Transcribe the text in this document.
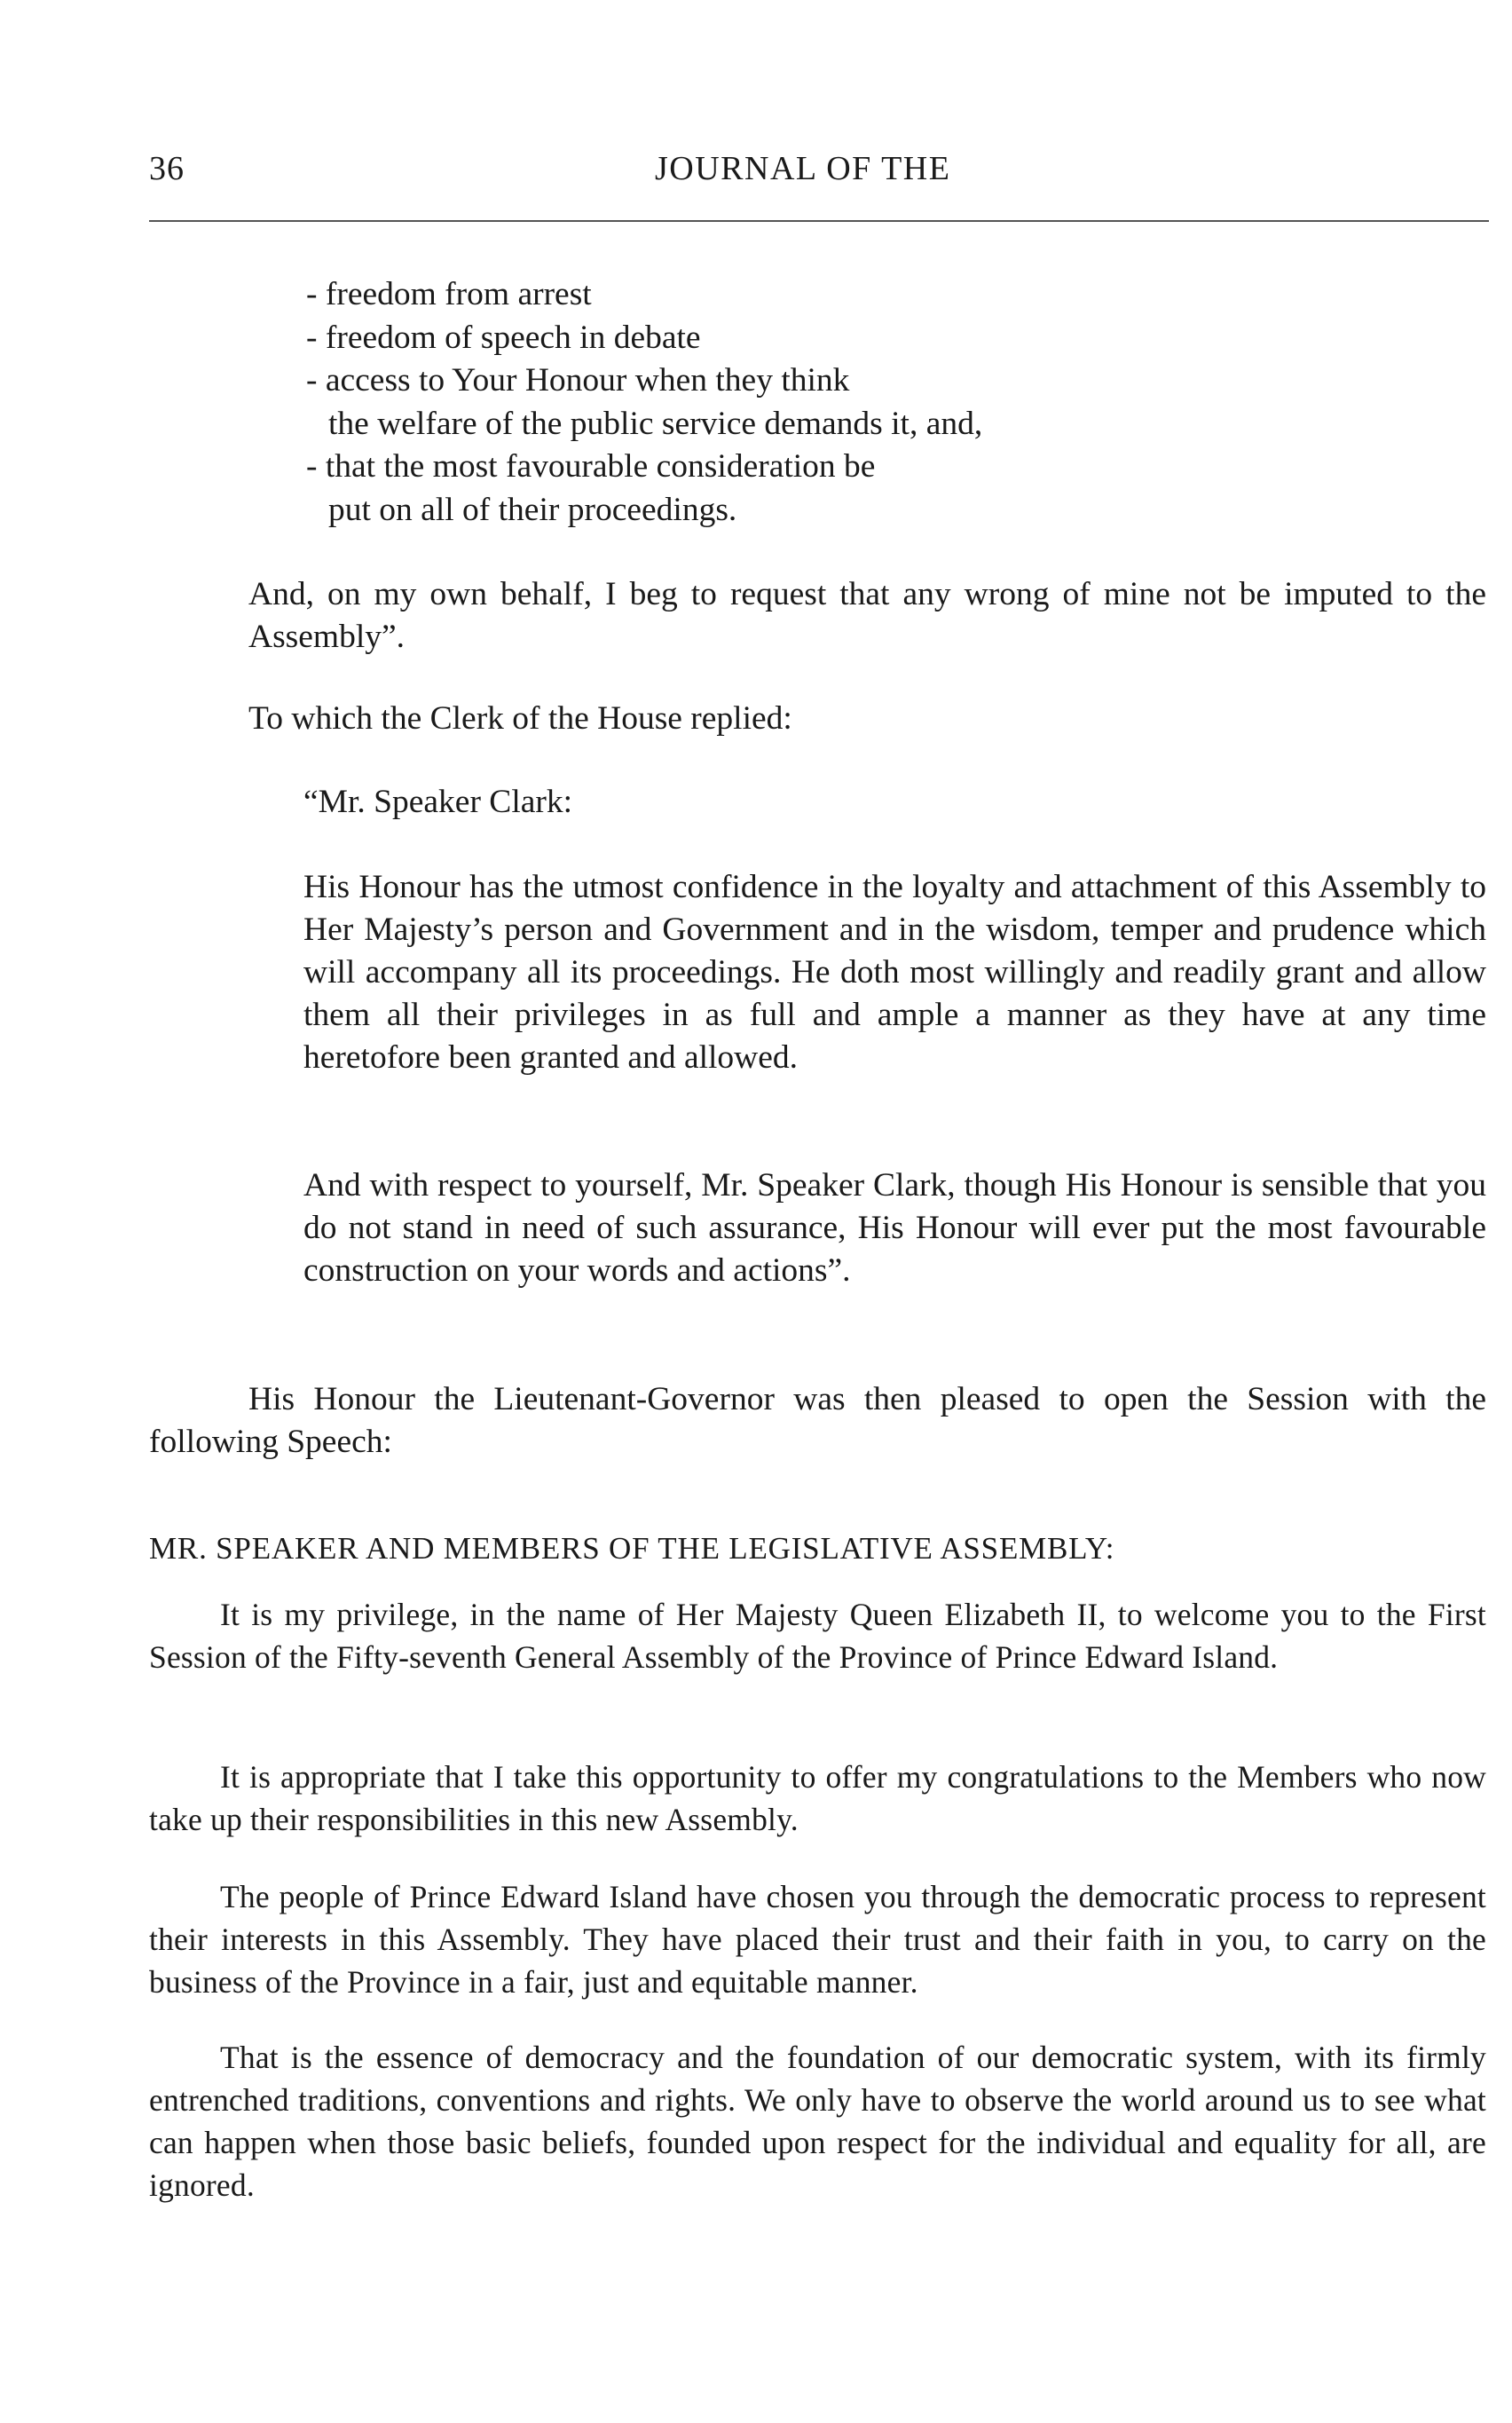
36	JOURNAL OF THE
- freedom from arrest
- freedom of speech in debate
- access to Your Honour when they think
the welfare of the public service demands it, and,
- that the most favourable consideration be
put on all of their proceedings.
And, on my own behalf, I beg to request that any wrong of mine not be imputed to the Assembly”.
To which the Clerk of the House replied:
“Mr. Speaker Clark:
His Honour has the utmost confidence in the loyalty and attachment of this Assembly to Her Majesty’s person and Government and in the wisdom, temper and prudence which will accompany all its proceedings. He doth most willingly and readily grant and allow them all their privileges in as full and ample a manner as they have at any time heretofore been granted and allowed.
And with respect to yourself, Mr. Speaker Clark, though His Honour is sensible that you do not stand in need of such assurance, His Honour will ever put the most favourable construction on your words and actions”.
His Honour the Lieutenant-Governor was then pleased to open the Session with the following Speech:
MR. SPEAKER AND MEMBERS OF THE LEGISLATIVE ASSEMBLY:
It is my privilege, in the name of Her Majesty Queen Elizabeth II, to welcome you to the First Session of the Fifty-seventh General Assembly of the Province of Prince Edward Island.
It is appropriate that I take this opportunity to offer my congratulations to the Members who now take up their responsibilities in this new Assembly.
The people of Prince Edward Island have chosen you through the democratic process to represent their interests in this Assembly. They have placed their trust and their faith in you, to carry on the business of the Province in a fair, just and equitable manner.
That is the essence of democracy and the foundation of our democratic system, with its firmly entrenched traditions, conventions and rights. We only have to observe the world around us to see what can happen when those basic beliefs, founded upon respect for the individual and equality for all, are ignored.
